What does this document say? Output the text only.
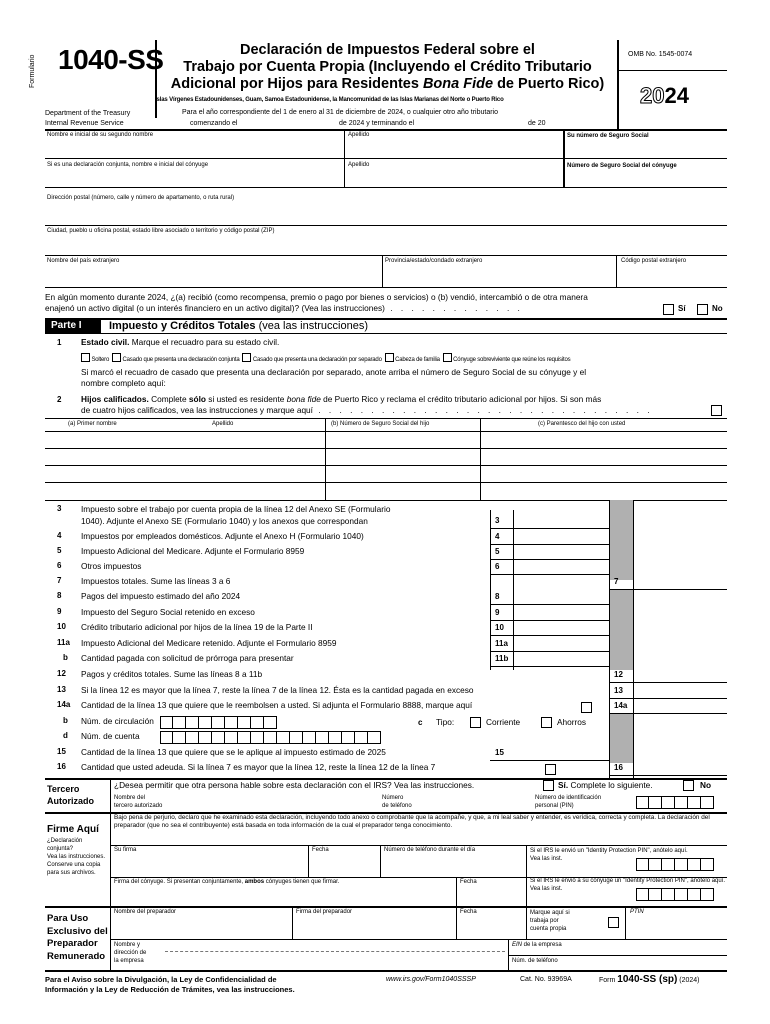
Formulario 1040-SS	Declaración de Impuestos Federal sobre el
Trabajo por Cuenta Propia (Incluyendo el Crédito Tributario
Adicional por Hijos para Residentes Bona Fide de Puerto Rico)
Islas Vírgenes Estadounidenses, Guam, Samoa Estadounidense, la Mancomunidad de las Islas Marianas del Norte o Puerto Rico
Para el año correspondiente del 1 de enero al 31 de diciembre de 2024, o cualquier otro año tributario
comenzando el	de 2024 y terminando el	de 20
Department of the Treasury
Internal Revenue Service
OMB No. 1545-0074
2024
Nombre e inicial de su segundo nombre	Apellido	Su número de Seguro Social
Si es una declaración conjunta, nombre e inicial del cónyuge	Apellido	Número de Seguro Social del cónyuge
Dirección postal (número, calle y número de apartamento, o ruta rural)
Ciudad, pueblo u oficina postal, estado libre asociado o territorio y código postal (ZIP)
Nombre del país extranjero	Provincia/estado/condado extranjero	Código postal extranjero
En algún momento durante 2024, ¿(a) recibió (como recompensa, premio o pago por bienes o servicios) o (b) vendió, intercambió o de otra manera
enajenó un activo digital (o un interés financiero en un activo digital)? (Vea las instrucciones) . . . . . . . . . . . . .	Sí	No
Parte I	Impuesto y Créditos Totales (vea las instrucciones)
1 Estado civil. Marque el recuadro para su estado civil.
Soltero Casado que presenta una declaración conjunta Casado que presenta una declaración por separado Cabeza de familia Cónyuge sobreviviente que reúne los requisitos
Si marcó el recuadro de casado que presenta una declaración por separado, anote arriba el número de Seguro Social de su cónyuge y el
nombre completo aquí:
2 Hijos calificados. Complete sólo si usted es residente bona fide de Puerto Rico y reclama el crédito tributario adicional por hijos. Si son más
de cuatro hijos calificados, vea las instrucciones y marque aquí . . . . . . . . . . . . . . . . . . . . . . . . . . . . . . . .
(a) Primer nombre	Apellido	(b) Número de Seguro Social del hijo	(c) Parentesco del hijo con usted
3 Impuesto sobre el trabajo por cuenta propia de la línea 12 del Anexo SE (Formulario
1040). Adjunte el Anexo SE (Formulario 1040) y los anexos que correspondan	3
4 Impuestos por empleados domésticos. Adjunte el Anexo H (Formulario 1040)	4
5 Impuesto Adicional del Medicare. Adjunte el Formulario 8959	5
6 Otros impuestos	6
7 Impuestos totales. Sume las líneas 3 a 6	7
8 Pagos del impuesto estimado del año 2024	8
9 Impuesto del Seguro Social retenido en exceso	9
10 Crédito tributario adicional por hijos de la línea 19 de la Parte II	10
11a Impuesto Adicional del Medicare retenido. Adjunte el Formulario 8959	11a
b Cantidad pagada con solicitud de prórroga para presentar	11b
12 Pagos y créditos totales. Sume las líneas 8 a 11b	12
13 Si la línea 12 es mayor que la línea 7, reste la línea 7 de la línea 12. Ésta es la cantidad pagada en exceso	13
14a Cantidad de la línea 13 que quiere que le reembolsen a usted. Si adjunta el Formulario 8888, marque aquí	14a
b Núm. de circulación
d Núm. de cuenta
15 Cantidad de la línea 13 que quiere que se le aplique al impuesto estimado de 2025	15
16 Cantidad que usted adeuda. Si la línea 7 es mayor que la línea 12, reste la línea 12 de la línea 7	16
c Tipo:	Corriente	Ahorros
Tercero
Autorizado
¿Desea permitir que otra persona hable sobre esta declaración con el IRS? Vea las instrucciones.	Sí. Complete lo siguiente.	No
Nombre del
tercero autorizado
Número
de teléfono
Número de identificación
personal (PIN)
Firme Aquí
¿Declaración conjunta?
Vea las instrucciones.
Conserve una copia para sus archivos.
Bajo pena de perjurio, declaro que he examinado esta declaración, incluyendo todo anexo o comprobante que la acompañe, y que, a mi leal saber y entender, es verídica, correcta y completa. La declaración del preparador (que no sea el contribuyente) está basada en toda información de la cual el preparador tenga conocimiento.
Su firma	Fecha	Número de teléfono durante el día	Si el IRS le envió un "Identity Protection PIN", anótelo aquí.
Vea las inst.
Firma del cónyuge. Si presentan conjuntamente, ambos cónyuges tienen que firmar.	Fecha	Si el IRS le envió a su cónyuge un "Identity Protection PIN", anótelo aquí.
Vea las inst.
Para Uso
Exclusivo del
Preparador
Remunerado
Nombre del preparador	Firma del preparador	Fecha	Marque aquí si
trabaja por
cuenta propia
PTIN
Nombre y
dirección de
la empresa
EIN de la empresa
Núm. de teléfono
Para el Aviso sobre la Divulgación, la Ley de Confidencialidad de
Información y la Ley de Reducción de Trámites, vea las instrucciones.
www.irs.gov/Form1040SSSP	Cat. No. 93969A	Form 1040-SS (sp) (2024)
